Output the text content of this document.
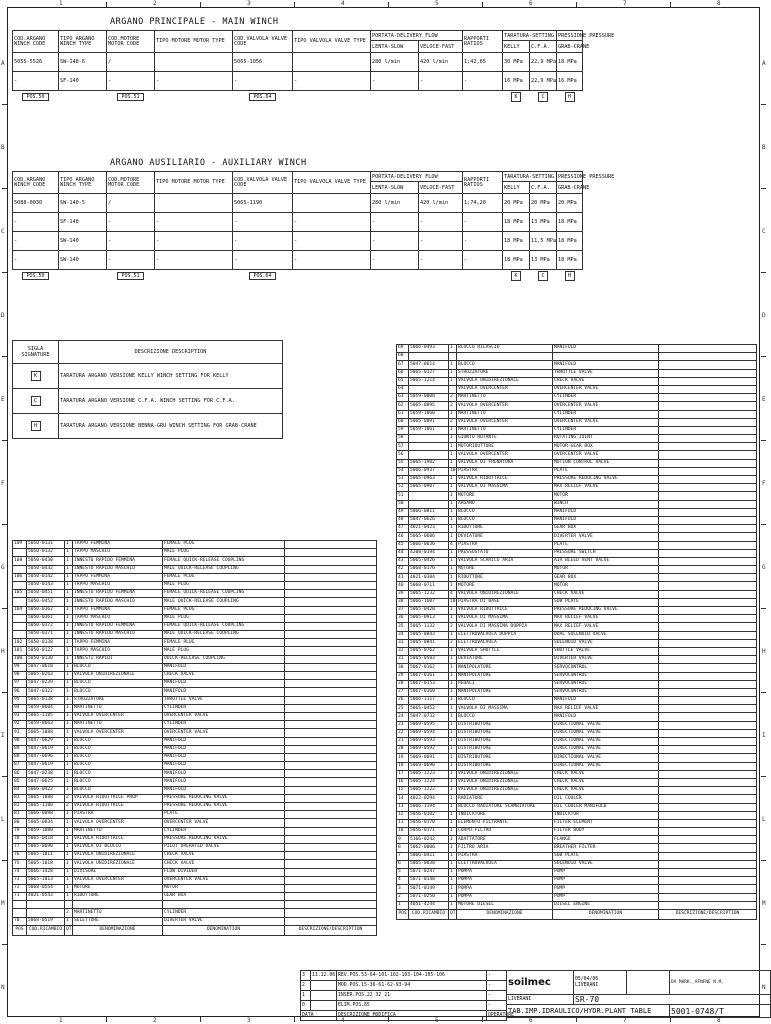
1
1
2
2
3
3
4
4
5
5
6
6
7
7
8
8
A	A
B	B
C	C
D	D
E	E
F	F
G	G
H	H
I	I
L	L
M	M
N	N
ARGANO PRINCIPALE - MAIN WINCH
COD.ARGANO WINCH CODE	TIPO ARGANO WINCH TYPE	COD.MOTORE MOTOR CODE	TIPO MOTORE MOTOR TYPE	COD.VALVOLA VALVE CODE	TIPO VALVOLA VALVE TYPE	PORTATA-DELIVERY FLOW		RAPPORTI RATIOS	TARATURA-SETTING		PRESSIONE PRESSURE
						LENTA-SLOW	VELOCE-FAST		KELLY	C.F.A.	GRAB-CRANE
5055-5526	SW-140-6	/		5065-1056		280 l/min	420 l/min	1;42,65	30 MPa	22,9 MPa	18 MPa
-	SF-140	-	-	-	-	-	-	-	16 MPa	22,9 MPa	16 MPa
POS.50		POS.51		POS.64					K	C	H
ARGANO AUSILIARIO - AUXILIARY WINCH
COD.ARGANO WINCH CODE	TIPO ARGANO WINCH TYPE	COD.MOTORE MOTOR CODE	TIPO MOTORE MOTOR TYPE	COD.VALVOLA VALVE CODE	TIPO VALVOLA VALVE TYPE	PORTATA-DELIVERY FLOW		RAPPORTI RATIOS	TARATURA-SETTING		PRESSIONE PRESSURE
						LENTA-SLOW	VELOCE-FAST		KELLY	C.F.A.	GRAB-CRANE
5088-0030	SW-140-5	/		5065-1190		280 l/min	420 l/min	1;74,20	20 MPa	20 MPa	20 MPa
-	SF-140	-	-	-	-	-	-	-	18 MPa	13 MPa	18 MPa
-	SW-140	-	-	-	-	-	-	-	18 MPa	11,5 MPa	18 MPa
-	SW-140	-	-	-	-	-	-	-	18 MPa	13 MPa	18 MPa
POS.50		POS.51		POS.64					K	C	H
SIGLA SIGNATURE	DESCRIZIONE DESCRIPTION
K	TARATURA ARGANO VERSIONE KELLY WINCH SETTING FOR KELLY
C	TARATURA ARGANO VERSIONE C.F.A. WINCH SETTING FOR C.F.A.
H	TARATURA ARGANO VERSIONE BENNA-GRU WINCH SETTING FOR GRAB-CRANE
109	5050-0131	1	TAPPO FEMMINA	FEMALE PLUG	
	5050-0132	1	TAPPO MASCHIO	MALE PLUG	
108	5050-0430	1	INNESTO RAPIDO FEMMINA	FEMALE QUICK-RELEASE COUPLING	
	5050-0432	1	INNESTO RAPIDO MASCHIO	MALE QUICK-RELEASE COUPLING	
106	5050-0142	1	TAPPO FEMMINA	FEMALE PLUG	
	5050-0143	1	TAPPO MASCHIO	MALE PLUG	
105	5050-0451	1	INNESTO RAPIDO FEMMINA	FEMALE QUICK-RELEASE COUPLING	
	5050-0452	1	INNESTO RAPIDO MASCHIO	MALE QUICK-RELEASE COUPLING	
104	5050-0362	1	TAPPO FEMMINA	FEMALE PLUG	
	5050-0361	1	TAPPO MASCHIO	MALE PLUG	
	5050-0372	1	INNESTO RAPIDO FEMMINA	FEMALE QUICK-RELEASE COUPLING	
	5050-0371	1	INNESTO RAPIDO MASCHIO	MALE QUICK-RELEASE COUPLING	
102	5050-0138	1	TAPPO FEMMINA	FEMALE PLUG	
101	5050-0122	1	TAPPO MASCHIO	MALE PLUG	
100	5050-0130	1	INNESTI RAPIDI	QUICK-RELEASE COUPLING	
99	5047-0618	1	BLOCCO	MANIFOLD	
98	5065-0263	1	VALVOLA UNIDIREZIONALE	CHECK VALVE	
97	5047-0239	1	BLOCCO	MANIFOLD	
96	5047-0322	1	BLOCCO	MANIFOLD	
95	5065-0138	1	STROZZATORE	THROTTLE VALVE	
94	5059-0604	1	MARTINETTO	CYLINDER	
93	5065-1185	1	VALVOLA OVERCENTER	OVERCENTER VALVE	
92	5059-0663	1	MARTINETTO	CYLINDER	
91	5065-1088	1	VALVOLA OVERCENTER	OVERCENTER VALVE	
90	5047-0629	1	BLOCCO	MANIFOLD	
89	5047-0619	1	BLOCCO	MANIFOLD	
88	5047-0696	1	BLOCCO	MANIFOLD	
87	5047-0619	1	BLOCCO	MANIFOLD	
86	5047-0238	1	BLOCCO	MANIFOLD	
85	5047-0625	1	BLOCCO	MANIFOLD	
84	5066-0422	1	BLOCCO	MANIFOLD	
83	5065-1088	2	VALVOLA RIDUTTRICE PROP	PRESSURE REDUCING VALVE	
82	5065-1180	2	VALVOLA RIDUTTRICE	PRESSURE REDUCING VALVE	
81	5066-0098	1	PIASTRA	PLATE	
80	5065-0834	1	VALVOLA OVERCENTER	OVERCENTER VALVE	
79	5059-1080	1	MARTINETTO	CYLINDER	
78	5065-0418	1	VALVOLA RIDUTTRICE	PRESSURE REDUCING VALVE	
77	5065-0690	1	VALVOLA DI BLOCCO	PILOT OPERATED VALVE	
76	5065-1011	1	VALVOLA UNIDIREZIONALE	CHECK VALVE	
75	5065-1018	1	VALVOLA UNIDIREZIONALE	CHECK VALVE	
74	5066-1428	1	DIVISORE	FLOW DIVIDER	
73	5065-1013	1	VALVOLA OVERCENTER	OVERCENTER VALVE	
72	5068-0554	1	MOTORE	MOTOR	
71	4021-0543	1	RIDUTTORE	GEAR BOX	

		2	MARTINETTO	CYLINDER	
70	5068-0519	1	SELETTORE	DIVERTER VALVE	
POS	COD.RICAMBIO	QT	DENOMINAZIONE	DENOMINATION	DESCRIZIONE/DESCRIPTION
69	5066-0493	1	BLOCCO RILASCIO	MANIFOLD	
68					
67	5047-0614	1	BLOCCO	MANIFOLD	
66	5065-0127	1	STROZZATORE	THROTTLE VALVE	
65	5065-1214	1	VALVOLA UNIDIREZIONALE	CHECK VALVE	
64			VALVOLA OVERCENTER	OVERCENTER VALVE	
63	5059-0808	2	MARTINETTO	CYLINDER	
62	5065-0895	2	VALVOLA OVERCENTER	OVERCENTER VALVE	
61	5059-1060	1	MARTINETTO	CYLINDER	
60	5065-0891	2	VALVOLA OVERCENTER	OVERCENTER VALVE	
59	5059-1061	1	MARTINETTO	CYLINDER	
58		1	GIUNTO ROTANTE	ROTATING JOINT	
57		1	MOTORIDUTTORE	MOTOR-GEAR BOX	
56		1	VALVOLA OVERCENTER	OVERCENTER VALVE	
55	5065-1902	1	VALVOLA DI FRENATURA	MOTION CONTROL VALVE	
54	5066-0937	10	PIASTRA	PLATE	
53	5065-0963	1	VALVOLA RIDUTTRICE	PRESSURE REDUCING VALVE	
52	5065-0907	1	VALVOLA DI MASSIMA	MAX RELIEF VALVE	
51		1	MOTORE	MOTOR	
50		1	ARGANO	WINCH	
49	5066-0811	1	BLOCCO	MANIFOLD	
48	5047-0626	1	BLOCCO	MANIFOLD	
47	4021-0423	1	RIDUTTORE	GEAR BOX	
46	5065-0606	1	DEVIATORE	DIVERTER VALVE	
45	5066-0636	4	PIASTRA	PLATE	
44	4208-0194	1	PRESSOSTATO	PRESSURE SWITCH	
43	5065-0426	1	VALVOLA SCARICO ARIA	AIR BLEED VENT VALVE	
42	5068-0176	1	MOTORE	MOTOR	
41	4021-0384	1	RIDUTTORE	GEAR BOX	
40	5068-0711	1	MOTORE	MOTOR	
39	5065-1232	4	VALVOLA UNIDIREZIONALE	CHECK VALVE	
38	5066-1607	10	PIASTRA DI BASE	SUB PLATE	
37	5065-0420	1	VALVOLA RIDUTTRICE	PRESSURE REDUCING VALVE	
36	5065-0913	1	VALVOLA DI MASSIMA	MAX RELIEF VALVE	
35	5065-1132	2	VALVOLA DI MASSIMA DOPPIA	MAX RELIEF VALVE	
34	5065-0843	1	ELETTROVALVOLA DOPPIA	DUAL SOLENOID VALVE	
33	5065-0841	2	ELETTROVALVOLA	SOLENOID VALVE	
32	5065-0762	1	VALVOLA SHUTTLE	SHUTTLE VALVE	
31	5065-0503	1	DEVIATORE	DIVERTER VALVE	
30	5067-0162	1	MANIPOLATORE	SERVOCONTROL	
29	5067-0161	1	MANIPOLATORE	SERVOCONTROL	
28	5067-0153	1	PEDALI	SERVOCONTROL	
27	5067-0160	1	MANIPOLATORE	SERVOCONTROL	
26	5066-1117	1	BLOCCO	MANIFOLD	
25	5065-0452	1	VALVOLA DI MASSIMA	MAX RELIEF VALVE	
24	5047-0732	1	BLOCCO	MANIFOLD	
23	5069-0595	1	DISTRIBUTORE	DIRECTIONAL VALVE	
22	5069-0594	1	DISTRIBUTORE	DIRECTIONAL VALVE	
21	5069-0593	1	DISTRIBUTORE	DIRECTIONAL VALVE	
20	5069-0592	1	DISTRIBUTORE	DIRECTIONAL VALVE	
19	5069-0691	1	DISTRIBUTORE	DIRECTIONAL VALVE	
18	5069-0690	1	DISTRIBUTORE	DIRECTIONAL VALVE	
17	5065-1223	1	VALVOLA UNIDIREZIONALE	CHECK VALVE	
16	5065-1224	1	VALVOLA UNIDIREZIONALE	CHECK VALVE	
15	5065-1222	1	VALVOLA UNIDIREZIONALE	CHECK VALVE	
14	4022-0294	1	RADIATORE	OIL COOLER	
13	5066-1194	1	BLOCCO RADIATORE SCAMBIATORE	OIL COOLER MANIFOLD	
12	5056-0102	1	INDICATORE	INDICATOR	
11	5056-0170	1	ELEMENTO FILTRANTE	FILTER ELEMENT	
10	5056-0171	1	CORPO FILTRO	FILTER BODY	
9	5166-0242	1	ADATTATORE	FLANGE	
8	5062-0006	1	FILTRO ARIA	BREATHER FILTER	
7	5066-0411	1	PIASTRA	SUB PLATE	
6	5065-0038	1	ELETTROVALVOLA	SOLENOID VALVE	
5	5071-0247	1	POMPA	PUMP	
4	5071-0148	1	POMPA	PUMP	
3	5071-0149	1	POMPA	PUMP	
2	5071-0250	1	POMPA	PUMP	
1	4051-4244	1	MOTORE DIESEL	DIESEL ENGINE	
POS	COD.RICAMBIO	QT	DENOMINAZIONE	DENOMINATION	DESCRIZIONE/DESCRIPTION
3	11.12.06	REV.POS.53-64-101-102-103-104-105-106	-
2		MOD.POS.15-36-61-62-93-94	-
1		INSER.POS.22 32 21	-
0		ELIM.POS.85	-
DATA		DESCRIZIONE MODIFICA	OPERATORE
soilmec	05/04/06
LIVERANI		DA MARK._AFNFNE N.M.
LIVERANI	SR-70		
TAB.IMP.IDRAULICO/HYDR.PLANT TABLE			5001-0748/T
